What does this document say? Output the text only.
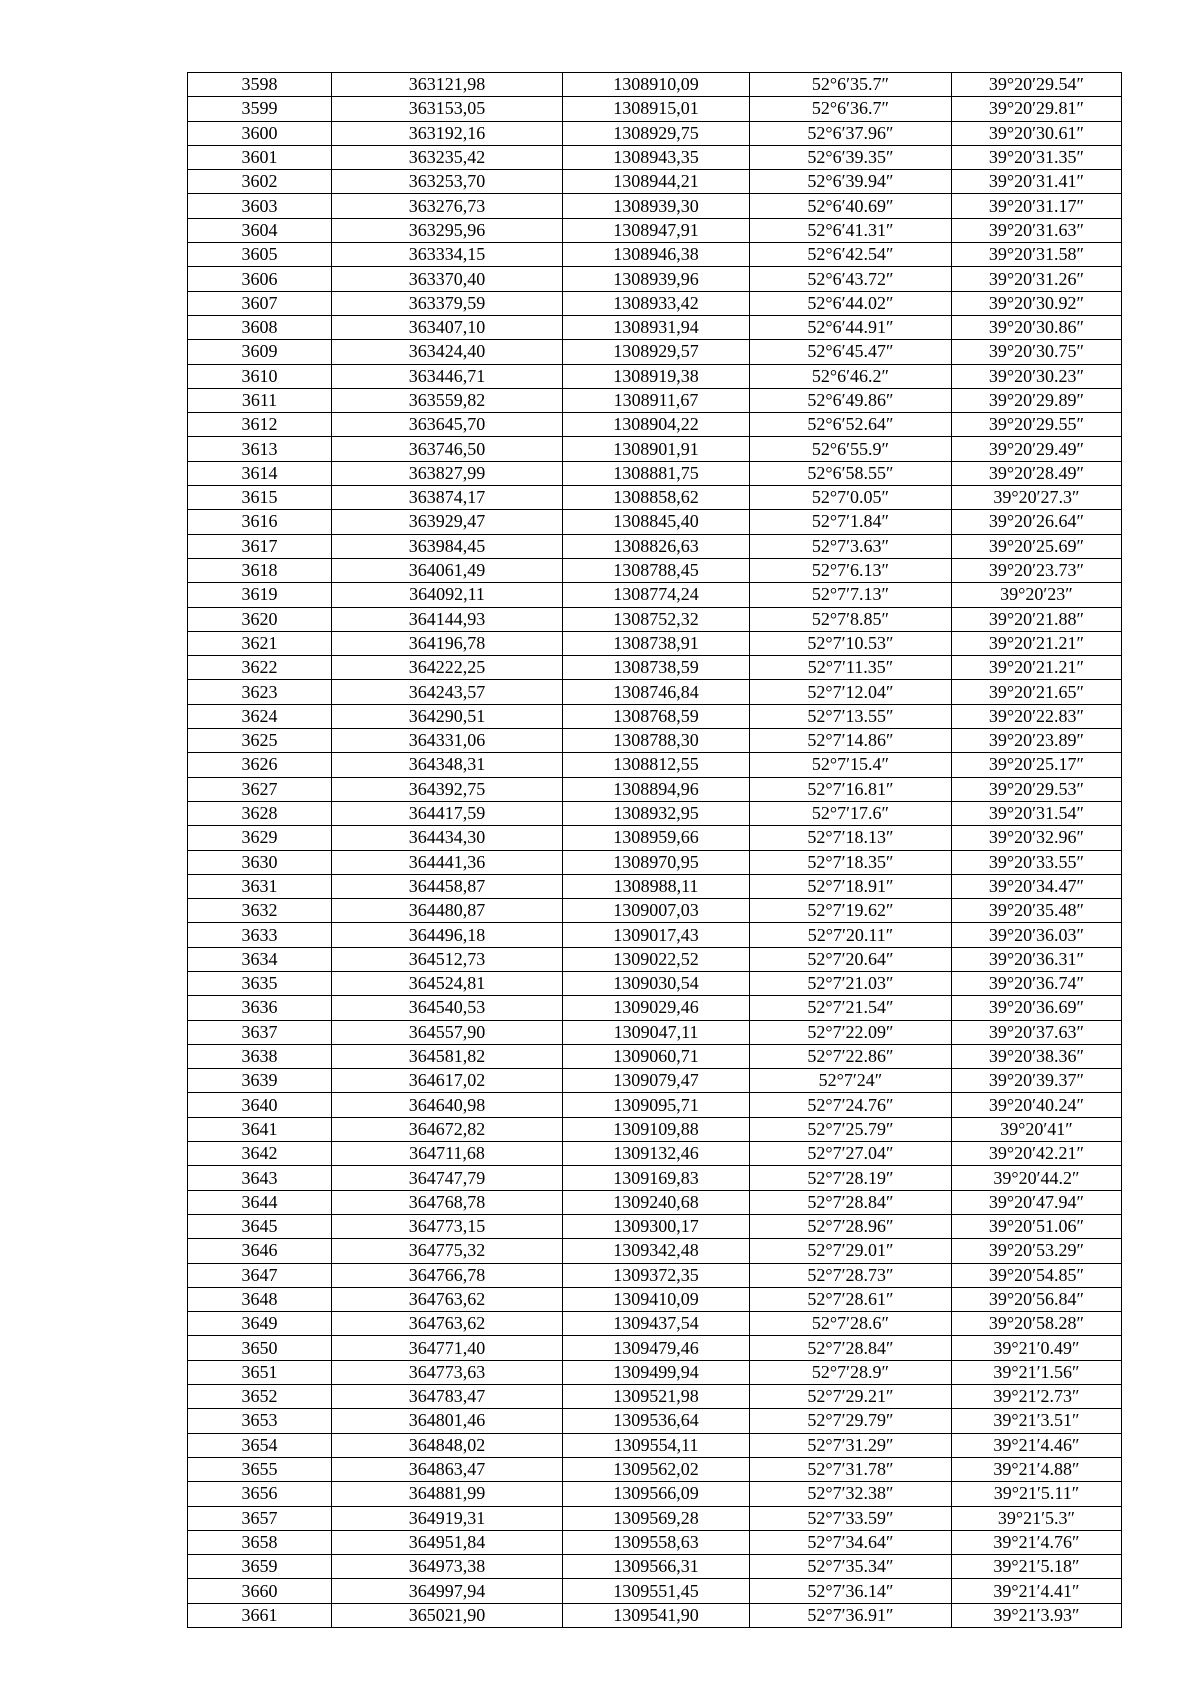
3598	363121,98	1308910,09	52°6′35.7″	39°20′29.54″
3599	363153,05	1308915,01	52°6′36.7″	39°20′29.81″
3600	363192,16	1308929,75	52°6′37.96″	39°20′30.61″
3601	363235,42	1308943,35	52°6′39.35″	39°20′31.35″
3602	363253,70	1308944,21	52°6′39.94″	39°20′31.41″
3603	363276,73	1308939,30	52°6′40.69″	39°20′31.17″
3604	363295,96	1308947,91	52°6′41.31″	39°20′31.63″
3605	363334,15	1308946,38	52°6′42.54″	39°20′31.58″
3606	363370,40	1308939,96	52°6′43.72″	39°20′31.26″
3607	363379,59	1308933,42	52°6′44.02″	39°20′30.92″
3608	363407,10	1308931,94	52°6′44.91″	39°20′30.86″
3609	363424,40	1308929,57	52°6′45.47″	39°20′30.75″
3610	363446,71	1308919,38	52°6′46.2″	39°20′30.23″
3611	363559,82	1308911,67	52°6′49.86″	39°20′29.89″
3612	363645,70	1308904,22	52°6′52.64″	39°20′29.55″
3613	363746,50	1308901,91	52°6′55.9″	39°20′29.49″
3614	363827,99	1308881,75	52°6′58.55″	39°20′28.49″
3615	363874,17	1308858,62	52°7′0.05″	39°20′27.3″
3616	363929,47	1308845,40	52°7′1.84″	39°20′26.64″
3617	363984,45	1308826,63	52°7′3.63″	39°20′25.69″
3618	364061,49	1308788,45	52°7′6.13″	39°20′23.73″
3619	364092,11	1308774,24	52°7′7.13″	39°20′23″
3620	364144,93	1308752,32	52°7′8.85″	39°20′21.88″
3621	364196,78	1308738,91	52°7′10.53″	39°20′21.21″
3622	364222,25	1308738,59	52°7′11.35″	39°20′21.21″
3623	364243,57	1308746,84	52°7′12.04″	39°20′21.65″
3624	364290,51	1308768,59	52°7′13.55″	39°20′22.83″
3625	364331,06	1308788,30	52°7′14.86″	39°20′23.89″
3626	364348,31	1308812,55	52°7′15.4″	39°20′25.17″
3627	364392,75	1308894,96	52°7′16.81″	39°20′29.53″
3628	364417,59	1308932,95	52°7′17.6″	39°20′31.54″
3629	364434,30	1308959,66	52°7′18.13″	39°20′32.96″
3630	364441,36	1308970,95	52°7′18.35″	39°20′33.55″
3631	364458,87	1308988,11	52°7′18.91″	39°20′34.47″
3632	364480,87	1309007,03	52°7′19.62″	39°20′35.48″
3633	364496,18	1309017,43	52°7′20.11″	39°20′36.03″
3634	364512,73	1309022,52	52°7′20.64″	39°20′36.31″
3635	364524,81	1309030,54	52°7′21.03″	39°20′36.74″
3636	364540,53	1309029,46	52°7′21.54″	39°20′36.69″
3637	364557,90	1309047,11	52°7′22.09″	39°20′37.63″
3638	364581,82	1309060,71	52°7′22.86″	39°20′38.36″
3639	364617,02	1309079,47	52°7′24″	39°20′39.37″
3640	364640,98	1309095,71	52°7′24.76″	39°20′40.24″
3641	364672,82	1309109,88	52°7′25.79″	39°20′41″
3642	364711,68	1309132,46	52°7′27.04″	39°20′42.21″
3643	364747,79	1309169,83	52°7′28.19″	39°20′44.2″
3644	364768,78	1309240,68	52°7′28.84″	39°20′47.94″
3645	364773,15	1309300,17	52°7′28.96″	39°20′51.06″
3646	364775,32	1309342,48	52°7′29.01″	39°20′53.29″
3647	364766,78	1309372,35	52°7′28.73″	39°20′54.85″
3648	364763,62	1309410,09	52°7′28.61″	39°20′56.84″
3649	364763,62	1309437,54	52°7′28.6″	39°20′58.28″
3650	364771,40	1309479,46	52°7′28.84″	39°21′0.49″
3651	364773,63	1309499,94	52°7′28.9″	39°21′1.56″
3652	364783,47	1309521,98	52°7′29.21″	39°21′2.73″
3653	364801,46	1309536,64	52°7′29.79″	39°21′3.51″
3654	364848,02	1309554,11	52°7′31.29″	39°21′4.46″
3655	364863,47	1309562,02	52°7′31.78″	39°21′4.88″
3656	364881,99	1309566,09	52°7′32.38″	39°21′5.11″
3657	364919,31	1309569,28	52°7′33.59″	39°21′5.3″
3658	364951,84	1309558,63	52°7′34.64″	39°21′4.76″
3659	364973,38	1309566,31	52°7′35.34″	39°21′5.18″
3660	364997,94	1309551,45	52°7′36.14″	39°21′4.41″
3661	365021,90	1309541,90	52°7′36.91″	39°21′3.93″
